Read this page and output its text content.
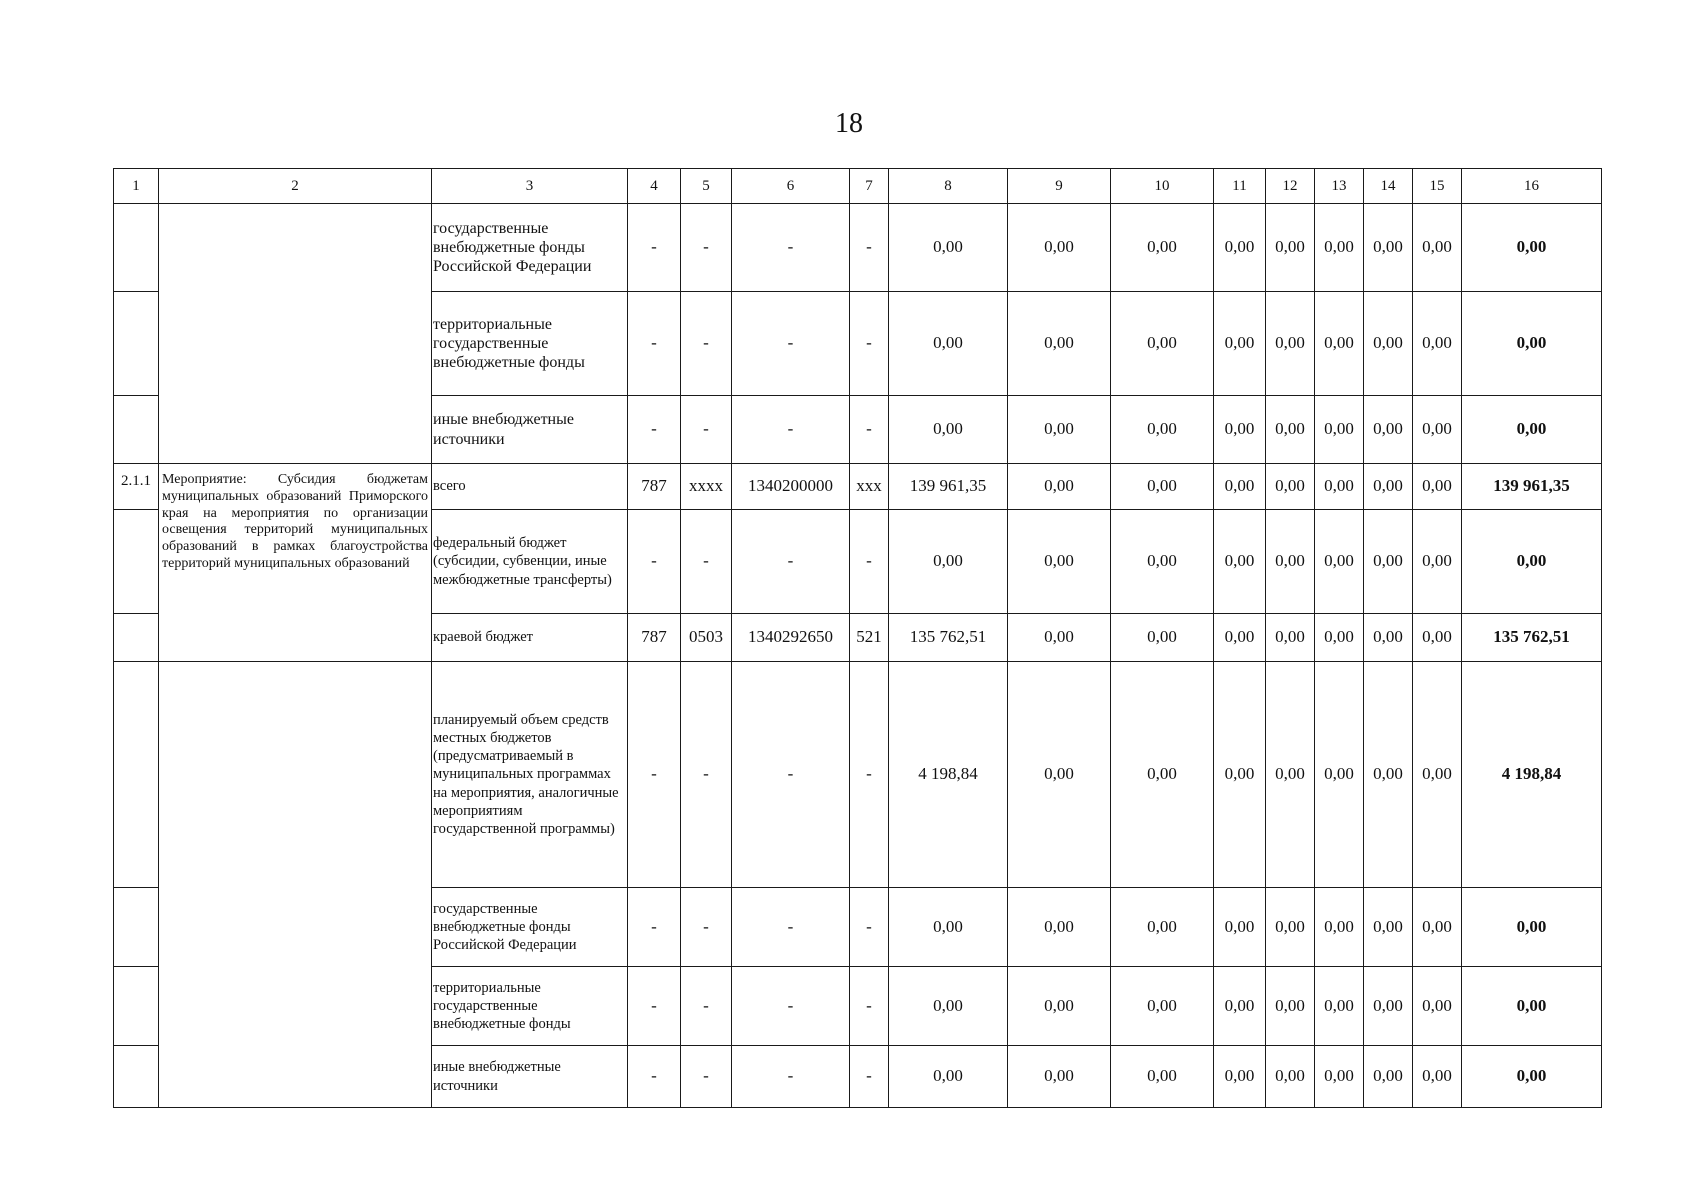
18
1	2	3	4	5	6	7	8	9	10	11	12	13	14	15	16
		государственные внебюджетные фонды Российской Федерации	-	-	-	-	0,00	0,00	0,00	0,00	0,00	0,00	0,00	0,00	0,00
		территориальные государственные внебюджетные фонды	-	-	-	-	0,00	0,00	0,00	0,00	0,00	0,00	0,00	0,00	0,00
		иные внебюджетные источники	-	-	-	-	0,00	0,00	0,00	0,00	0,00	0,00	0,00	0,00	0,00
2.1.1	Мероприятие: Субсидия бюджетам муниципальных образований Приморского края на мероприятия по организации освещения территорий муниципальных образований в рамках благоустройства территорий муниципальных образований	всего	787	xxxx	1340200000	xxx	139 961,35	0,00	0,00	0,00	0,00	0,00	0,00	0,00	139 961,35
		федеральный бюджет (субсидии, субвенции, иные межбюджетные трансферты)	-	-	-	-	0,00	0,00	0,00	0,00	0,00	0,00	0,00	0,00	0,00
		краевой бюджет	787	0503	1340292650	521	135 762,51	0,00	0,00	0,00	0,00	0,00	0,00	0,00	135 762,51
		планируемый объем средств местных бюджетов (предусматриваемый в муниципальных программах на мероприятия, аналогичные мероприятиям государственной программы)	-	-	-	-	4 198,84	0,00	0,00	0,00	0,00	0,00	0,00	0,00	4 198,84
		государственные внебюджетные фонды Российской Федерации	-	-	-	-	0,00	0,00	0,00	0,00	0,00	0,00	0,00	0,00	0,00
		территориальные государственные внебюджетные фонды	-	-	-	-	0,00	0,00	0,00	0,00	0,00	0,00	0,00	0,00	0,00
		иные внебюджетные источники	-	-	-	-	0,00	0,00	0,00	0,00	0,00	0,00	0,00	0,00	0,00
